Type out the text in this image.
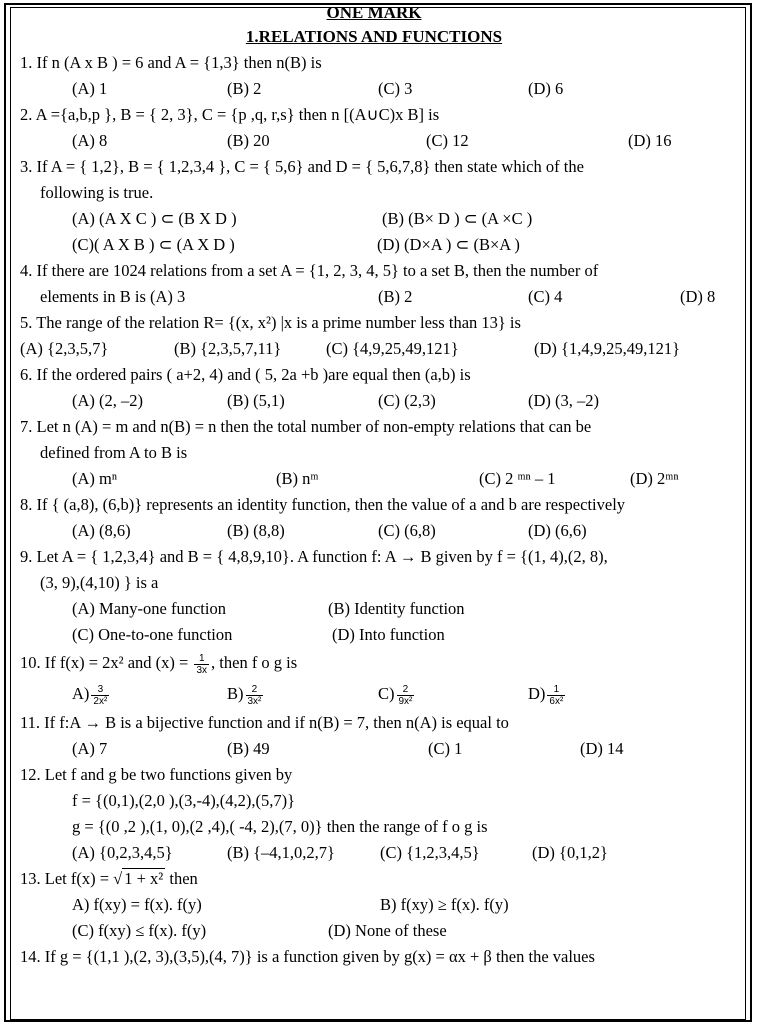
ONE MARK
1.RELATIONS AND FUNCTIONS
1. If n (A x B ) = 6 and A = {1,3} then n(B) is
(A) 1	(B) 2	(C) 3	(D) 6
2. A ={a,b,p }, B = { 2, 3}, C = {p ,q, r,s} then n [(A∪C)x B] is
(A) 8	(B) 20	(C) 12	(D) 16
3. If A = { 1,2}, B = { 1,2,3,4 }, C = { 5,6} and D = { 5,6,7,8} then state which of the
following is true.
(A) (A X C ) ⊂ (B X D )	(B) (B× D ) ⊂ (A ×C )
(C)( A X B ) ⊂ (A X D )	(D) (D×A ) ⊂ (B×A )
4. If there are 1024 relations from a set A = {1, 2, 3, 4, 5} to a set B, then the number of
elements in B is (A) 3	(B) 2	(C) 4	(D) 8
5. The range of the relation R= {(x, x²) |x is a prime number less than 13} is
(A) {2,3,5,7}	(B) {2,3,5,7,11}	(C) {4,9,25,49,121}	(D) {1,4,9,25,49,121}
6. If the ordered pairs ( a+2, 4) and ( 5, 2a +b )are equal then (a,b) is
(A) (2, –2)	(B) (5,1)	(C) (2,3)	(D) (3, –2)
7. Let n (A) = m and n(B) = n then the total number of non-empty relations that can be
defined from A to B is
(A) mⁿ	(B) nᵐ	(C) 2 ᵐⁿ – 1	(D) 2ᵐⁿ
8. If { (a,8), (6,b)} represents an identity function, then the value of a and b are respectively
(A) (8,6)	(B) (8,8)	(C) (6,8)	(D) (6,6)
9. Let A = { 1,2,3,4} and B = { 4,8,9,10}. A function f: A → B given by f = {(1, 4),(2, 8),
(3, 9),(4,10) } is a
(A) Many-one function	(B) Identity function
(C) One-to-one function	(D) Into function
10. If f(x) = 2x² and $(x) = \frac{1}{3x}$ , then f o g is
$A) \frac{3}{\text{2x²}}$	$B) \frac{2}{\text{3x²}}$	$C) \frac{2}{\text{9x²}}$	$D) \frac{1}{\text{6x²}}$
11. If f:A → B is a bijective function and if n(B) = 7, then n(A) is equal to
(A) 7	(B) 49	(C) 1	(D) 14
12. Let f and g be two functions given by
f = {(0,1),(2,0 ),(3,-4),(4,2),(5,7)}
g = {(0 ,2 ),(1, 0),(2 ,4),( -4, 2),(7, 0)} then the range of f o g is
(A) {0,2,3,4,5}	(B) {–4,1,0,2,7}	(C) {1,2,3,4,5}	(D) {0,1,2}
13. Let f(x) = √ 1 + x² then
A) f(xy) = f(x). f(y)	B) f(xy) ≥ f(x). f(y)
(C) f(xy) ≤ f(x). f(y)	(D) None of these
14. If g = {(1,1 ),(2, 3),(3,5),(4, 7)} is a function given by g(x) = αx + β then the values
